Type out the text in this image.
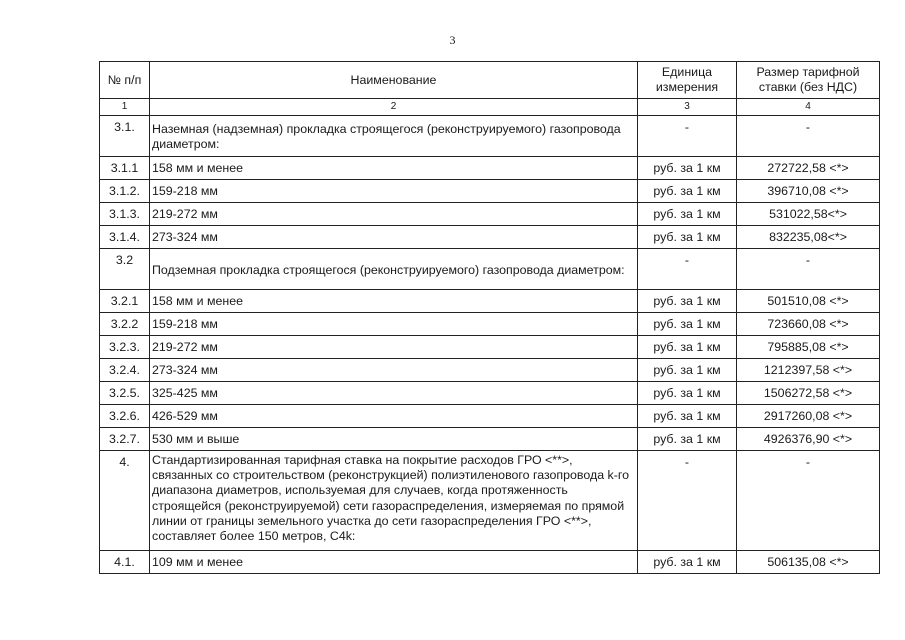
3
№ п/п	Наименование	Единица измерения	Размер тарифной ставки (без НДС)
1	2	3	4
3.1.	Наземная (надземная) прокладка строящегося (реконструируемого) газопровода диаметром:	-	-
3.1.1	158 мм и менее	руб. за 1 км	272722,58 <*>
3.1.2.	159-218 мм	руб. за 1 км	396710,08 <*>
3.1.3.	219-272 мм	руб. за 1 км	531022,58<*>
3.1.4.	273-324 мм	руб. за 1 км	832235,08<*>
3.2	Подземная прокладка строящегося (реконструируемого) газопровода диаметром:	-	-
3.2.1	158 мм и менее	руб. за 1 км	501510,08 <*>
3.2.2	159-218 мм	руб. за 1 км	723660,08 <*>
3.2.3.	219-272 мм	руб. за 1 км	795885,08 <*>
3.2.4.	273-324 мм	руб. за 1 км	1212397,58 <*>
3.2.5.	325-425 мм	руб. за 1 км	1506272,58 <*>
3.2.6.	426-529 мм	руб. за 1 км	2917260,08 <*>
3.2.7.	530 мм и выше	руб. за 1 км	4926376,90 <*>
4.	Стандартизированная тарифная ставка на покрытие расходов ГРО <**>, связанных со строительством (реконструкцией) полиэтиленового газопровода k-го диапазона диаметров, используемая для случаев, когда протяженность строящейся (реконструируемой) сети газораспределения, измеряемая по прямой линии от границы земельного участка до сети газораспределения ГРО <**>, составляет более 150 метров, C4k:	-	-
4.1.	109 мм и менее	руб. за 1 км	506135,08 <*>
